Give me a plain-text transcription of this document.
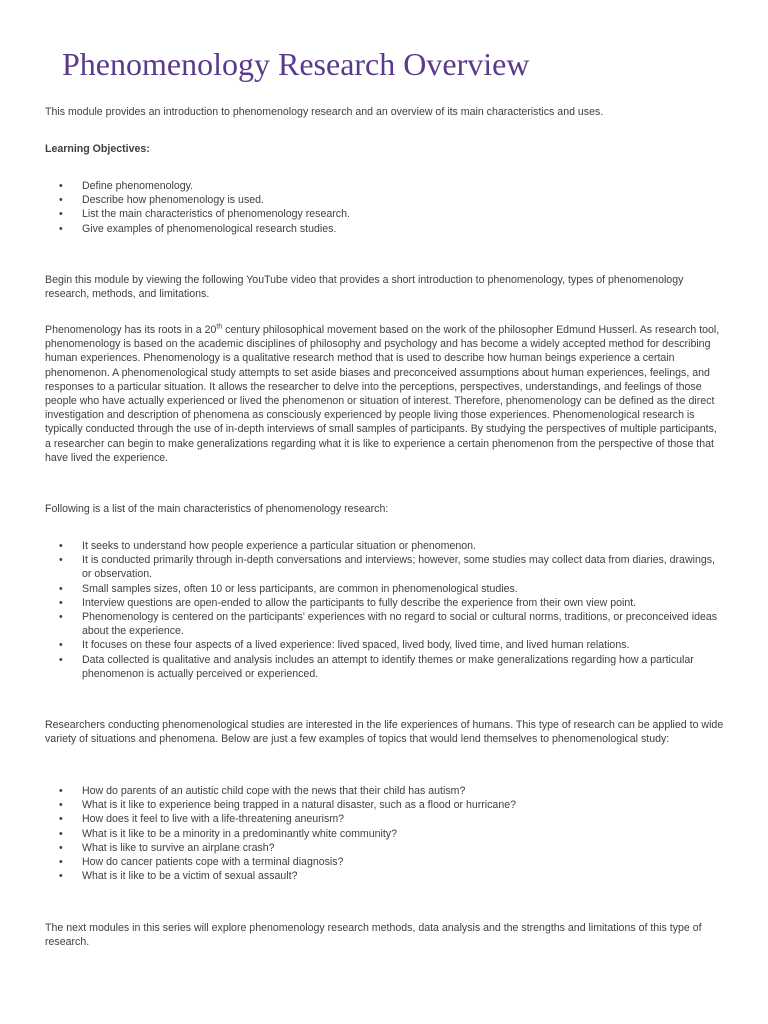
Phenomenology Research Overview

This module provides an introduction to phenomenology research and an overview of its main characteristics and uses.

Learning Objectives:

• Define phenomenology.
• Describe how phenomenology is used.
• List the main characteristics of phenomenology research.
• Give examples of phenomenological research studies.

Begin this module by viewing the following YouTube video that provides a short introduction to phenomenology, types of phenomenology research, methods, and limitations.

Phenomenology has its roots in a 20th century philosophical movement based on the work of the philosopher Edmund Husserl. As research tool, phenomenology is based on the academic disciplines of philosophy and psychology and has become a widely accepted method for describing human experiences. Phenomenology is a qualitative research method that is used to describe how human beings experience a certain phenomenon. A phenomenological study attempts to set aside biases and preconceived assumptions about human experiences, feelings, and responses to a particular situation. It allows the researcher to delve into the perceptions, perspectives, understandings, and feelings of those people who have actually experienced or lived the phenomenon or situation of interest. Therefore, phenomenology can be defined as the direct investigation and description of phenomena as consciously experienced by people living those experiences. Phenomenological research is typically conducted through the use of in-depth interviews of small samples of participants. By studying the perspectives of multiple participants, a researcher can begin to make generalizations regarding what it is like to experience a certain phenomenon from the perspective of those that have lived the experience.

Following is a list of the main characteristics of phenomenology research:

• It seeks to understand how people experience a particular situation or phenomenon.
• It is conducted primarily through in-depth conversations and interviews; however, some studies may collect data from diaries, drawings, or observation.
• Small samples sizes, often 10 or less participants, are common in phenomenological studies.
• Interview questions are open-ended to allow the participants to fully describe the experience from their own view point.
• Phenomenology is centered on the participants' experiences with no regard to social or cultural norms, traditions, or preconceived ideas about the experience.
• It focuses on these four aspects of a lived experience: lived spaced, lived body, lived time, and lived human relations.
• Data collected is qualitative and analysis includes an attempt to identify themes or make generalizations regarding how a particular phenomenon is actually perceived or experienced.

Researchers conducting phenomenological studies are interested in the life experiences of humans. This type of research can be applied to wide variety of situations and phenomena. Below are just a few examples of topics that would lend themselves to phenomenological study:

• How do parents of an autistic child cope with the news that their child has autism?
• What is it like to experience being trapped in a natural disaster, such as a flood or hurricane?
• How does it feel to live with a life-threatening aneurism?
• What is it like to be a minority in a predominantly white community?
• What is like to survive an airplane crash?
• How do cancer patients cope with a terminal diagnosis?
• What is it like to be a victim of sexual assault?

The next modules in this series will explore phenomenology research methods, data analysis and the strengths and limitations of this type of research.
